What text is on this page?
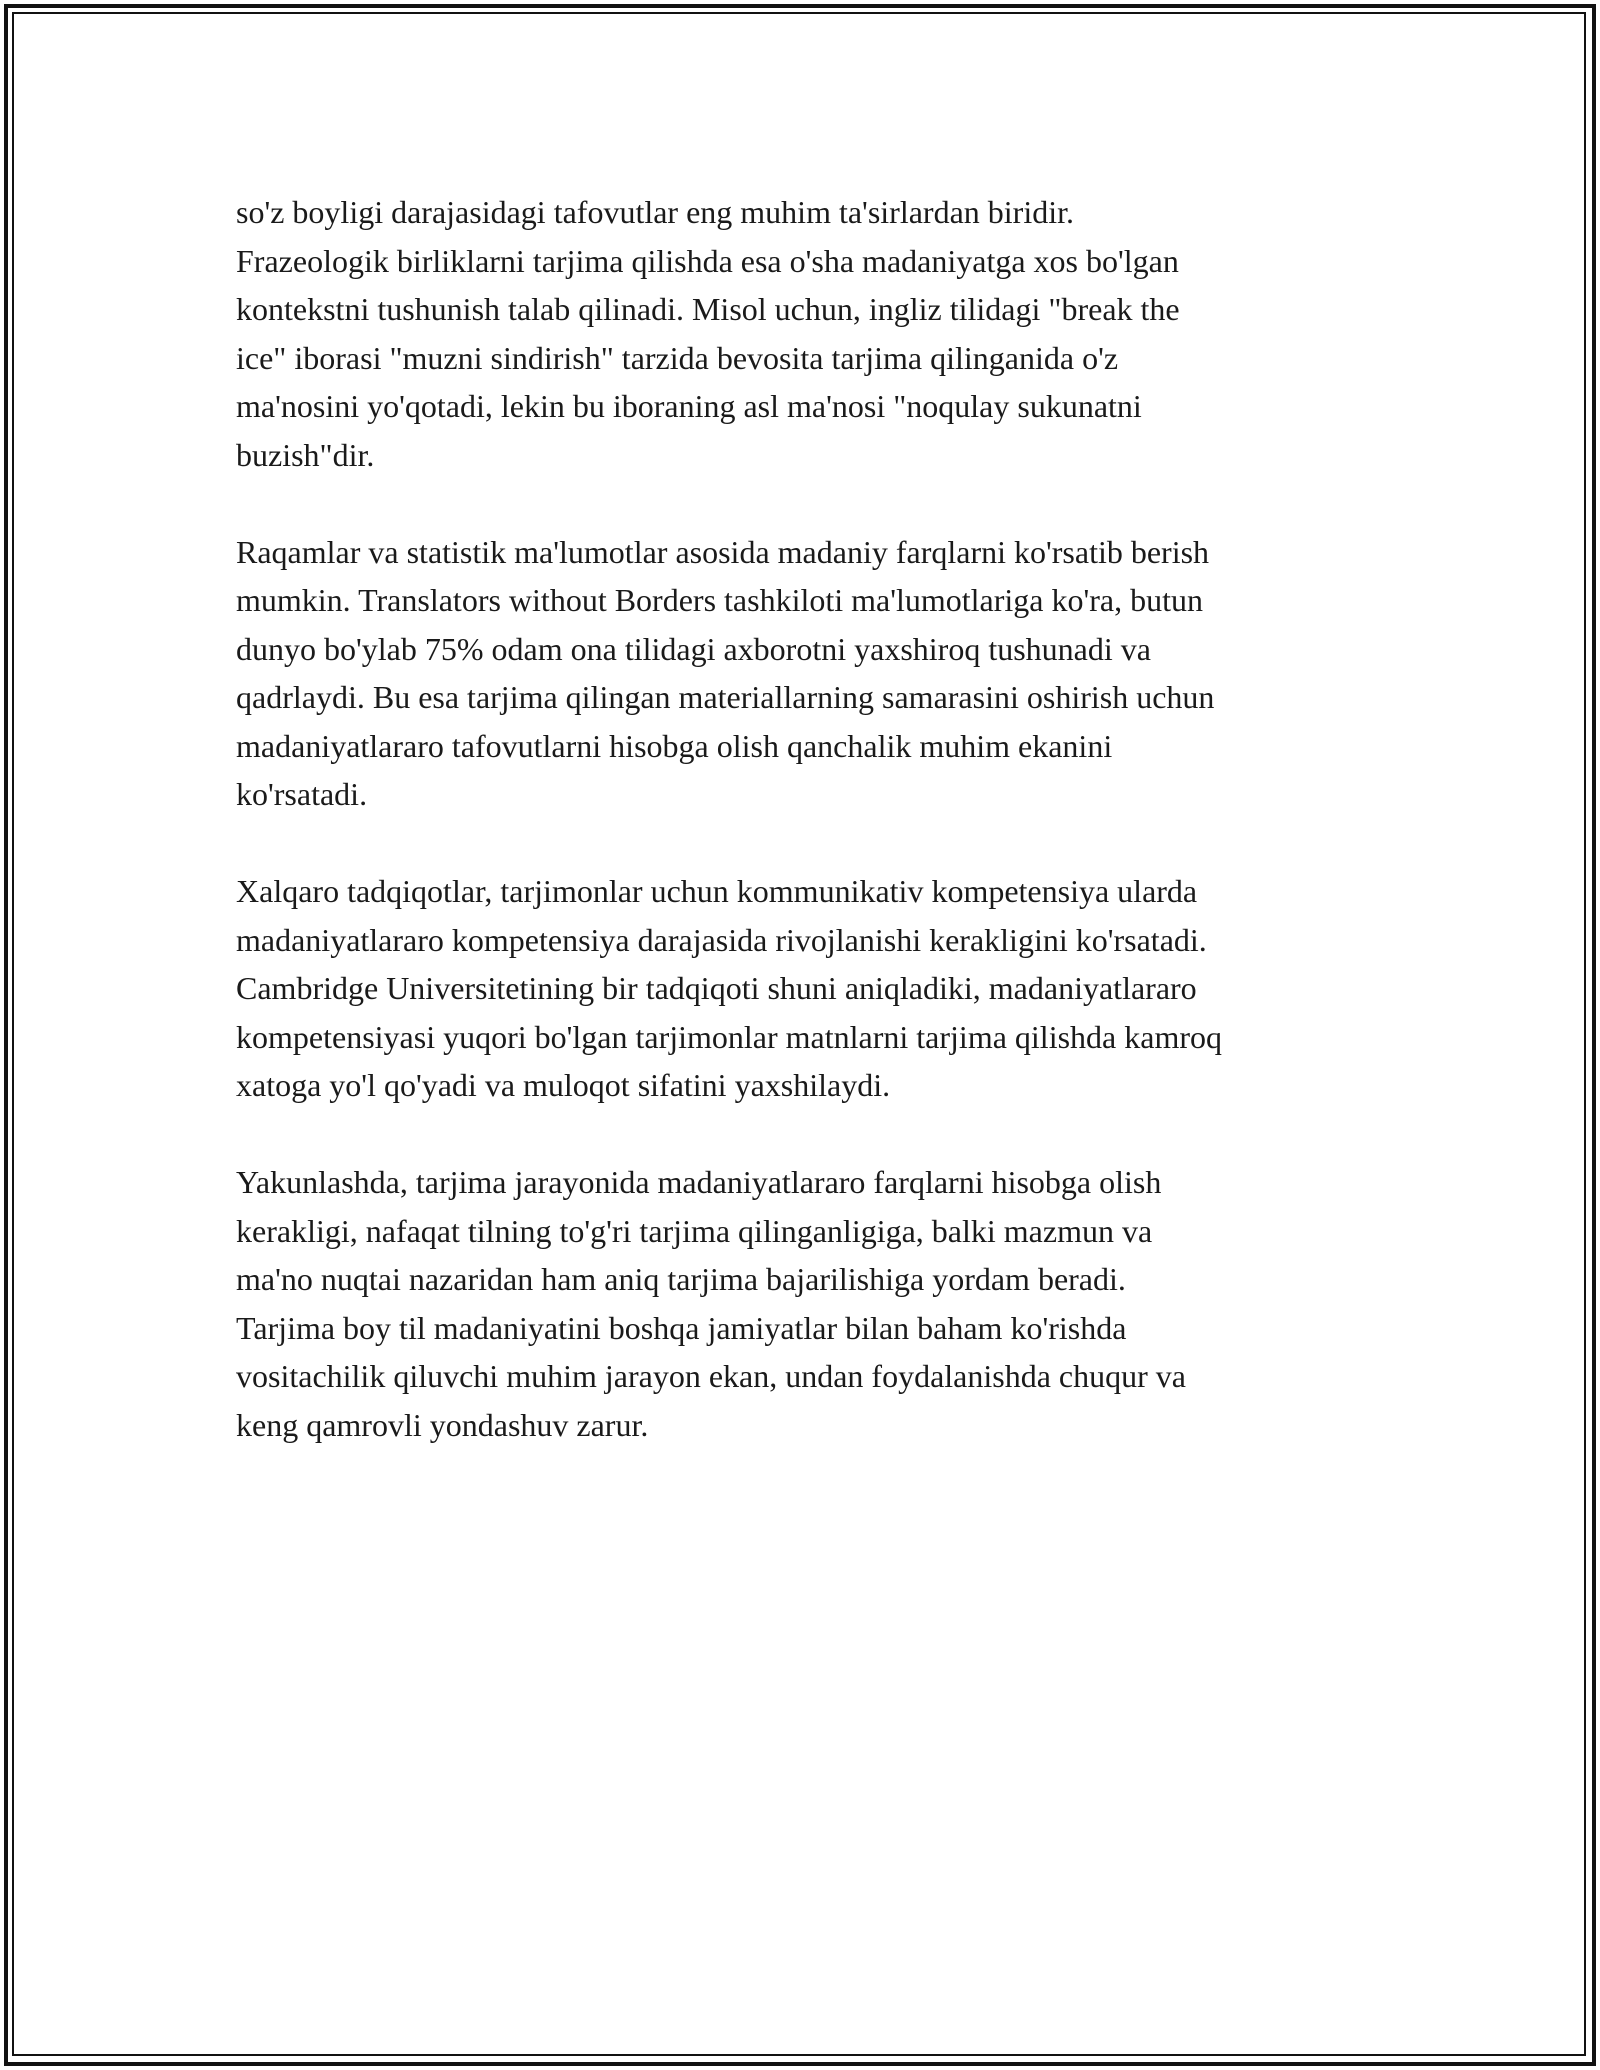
so'z boyligi darajasidagi tafovutlar eng muhim ta'sirlardan biridir.
Frazeologik birliklarni tarjima qilishda esa o'sha madaniyatga xos bo'lgan
kontekstni tushunish talab qilinadi. Misol uchun, ingliz tilidagi "break the
ice" iborasi "muzni sindirish" tarzida bevosita tarjima qilinganida o'z
ma'nosini yo'qotadi, lekin bu iboraning asl ma'nosi "noqulay sukunatni
buzish"dir.

Raqamlar va statistik ma'lumotlar asosida madaniy farqlarni ko'rsatib berish
mumkin. Translators without Borders tashkiloti ma'lumotlariga ko'ra, butun
dunyo bo'ylab 75% odam ona tilidagi axborotni yaxshiroq tushunadi va
qadrlaydi. Bu esa tarjima qilingan materiallarning samarasini oshirish uchun
madaniyatlararo tafovutlarni hisobga olish qanchalik muhim ekanini
ko'rsatadi.

Xalqaro tadqiqotlar, tarjimonlar uchun kommunikativ kompetensiya ularda
madaniyatlararo kompetensiya darajasida rivojlanishi kerakligini ko'rsatadi.
Cambridge Universitetining bir tadqiqoti shuni aniqladiki, madaniyatlararo
kompetensiyasi yuqori bo'lgan tarjimonlar matnlarni tarjima qilishda kamroq
xatoga yo'l qo'yadi va muloqot sifatini yaxshilaydi.

Yakunlashda, tarjima jarayonida madaniyatlararo farqlarni hisobga olish
kerakligi, nafaqat tilning to'g'ri tarjima qilinganligiga, balki mazmun va
ma'no nuqtai nazaridan ham aniq tarjima bajarilishiga yordam beradi.
Tarjima boy til madaniyatini boshqa jamiyatlar bilan baham ko'rishda
vositachilik qiluvchi muhim jarayon ekan, undan foydalanishda chuqur va
keng qamrovli yondashuv zarur.
